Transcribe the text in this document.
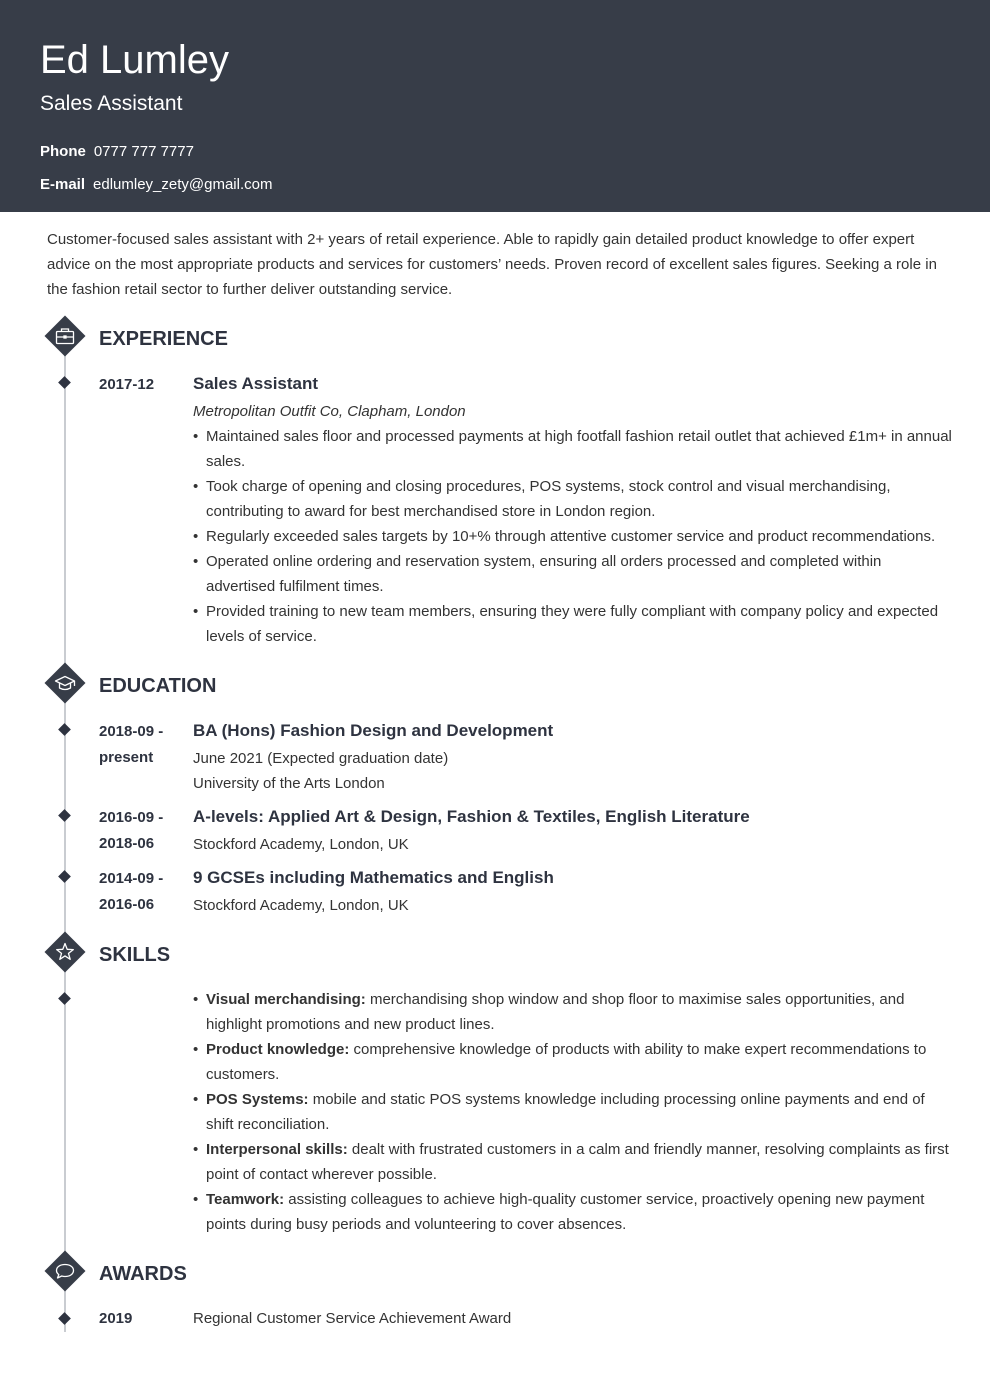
Ed Lumley
Sales Assistant
Phone 0777 777 7777
E-mail edlumley_zety@gmail.com
Customer-focused sales assistant with 2+ years of retail experience. Able to rapidly gain detailed product knowledge to offer expert advice on the most appropriate products and services for customers’ needs. Proven record of excellent sales figures. Seeking a role in the fashion retail sector to further deliver outstanding service.
EXPERIENCE
2017-12 Sales Assistant
Metropolitan Outfit Co, Clapham, London
• Maintained sales floor and processed payments at high footfall fashion retail outlet that achieved £1m+ in annual sales.
• Took charge of opening and closing procedures, POS systems, stock control and visual merchandising, contributing to award for best merchandised store in London region.
• Regularly exceeded sales targets by 10+% through attentive customer service and product recommendations.
• Operated online ordering and reservation system, ensuring all orders processed and completed within advertised fulfilment times.
• Provided training to new team members, ensuring they were fully compliant with company policy and expected levels of service.
EDUCATION
2018-09 -
present
BA (Hons) Fashion Design and Development
June 2021 (Expected graduation date)
University of the Arts London
2016-09 -
2018-06
A-levels: Applied Art & Design, Fashion & Textiles, English Literature
Stockford Academy, London, UK
2014-09 -
2016-06
9 GCSEs including Mathematics and English
Stockford Academy, London, UK
SKILLS
• Visual merchandising: merchandising shop window and shop floor to maximise sales opportunities, and highlight promotions and new product lines.
• Product knowledge: comprehensive knowledge of products with ability to make expert recommendations to customers.
• POS Systems: mobile and static POS systems knowledge including processing online payments and end of shift reconciliation.
• Interpersonal skills: dealt with frustrated customers in a calm and friendly manner, resolving complaints as first point of contact wherever possible.
• Teamwork: assisting colleagues to achieve high-quality customer service, proactively opening new payment points during busy periods and volunteering to cover absences.
AWARDS
2019	Regional Customer Service Achievement Award
